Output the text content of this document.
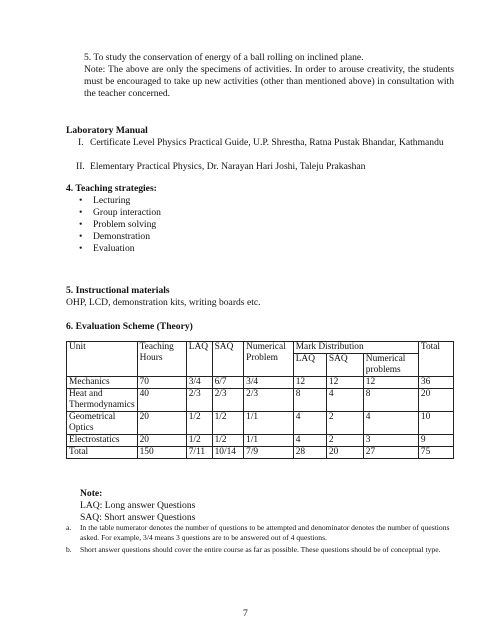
5. To study the conservation of energy of a ball rolling on inclined plane.
Note: The above are only the specimens of activities. In order to arouse creativity, the students must be encouraged to take up new activities (other than mentioned above) in consultation with the teacher concerned.
Laboratory Manual
I. Certificate Level Physics Practical Guide, U.P. Shrestha, Ratna Pustak Bhandar, Kathmandu
II. Elementary Practical Physics, Dr. Narayan Hari Joshi, Taleju Prakashan
4. Teaching strategies:
• Lecturing
• Group interaction
• Problem solving
• Demonstration
• Evaluation
5. Instructional materials
OHP, LCD, demonstration kits, writing boards etc.
6. Evaluation Scheme (Theory)
Unit	Teaching Hours	LAQ	SAQ	Numerical Problem	Mark Distribution			Total
					LAQ	SAQ	Numerical problems	
Mechanics	70	3/4	6/7	3/4	12	12	12	36
Heat and Thermodynamics	40	2/3	2/3	2/3	8	4	8	20
Geometrical Optics	20	1/2	1/2	1/1	4	2	4	10
Electrostatics	20	1/2	1/2	1/1	4	2	3	9
Total	150	7/11	10/14	7/9	28	20	27	75
Note:
LAQ: Long answer Questions
SAQ: Short answer Questions
a. In the table numerator denotes the number of questions to be attempted and denominator denotes the number of questions asked. For example, 3/4 means 3 questions are to be answered out of 4 questions.
b. Short answer questions should cover the entire course as far as possible. These questions should be of conceptual type.
7
